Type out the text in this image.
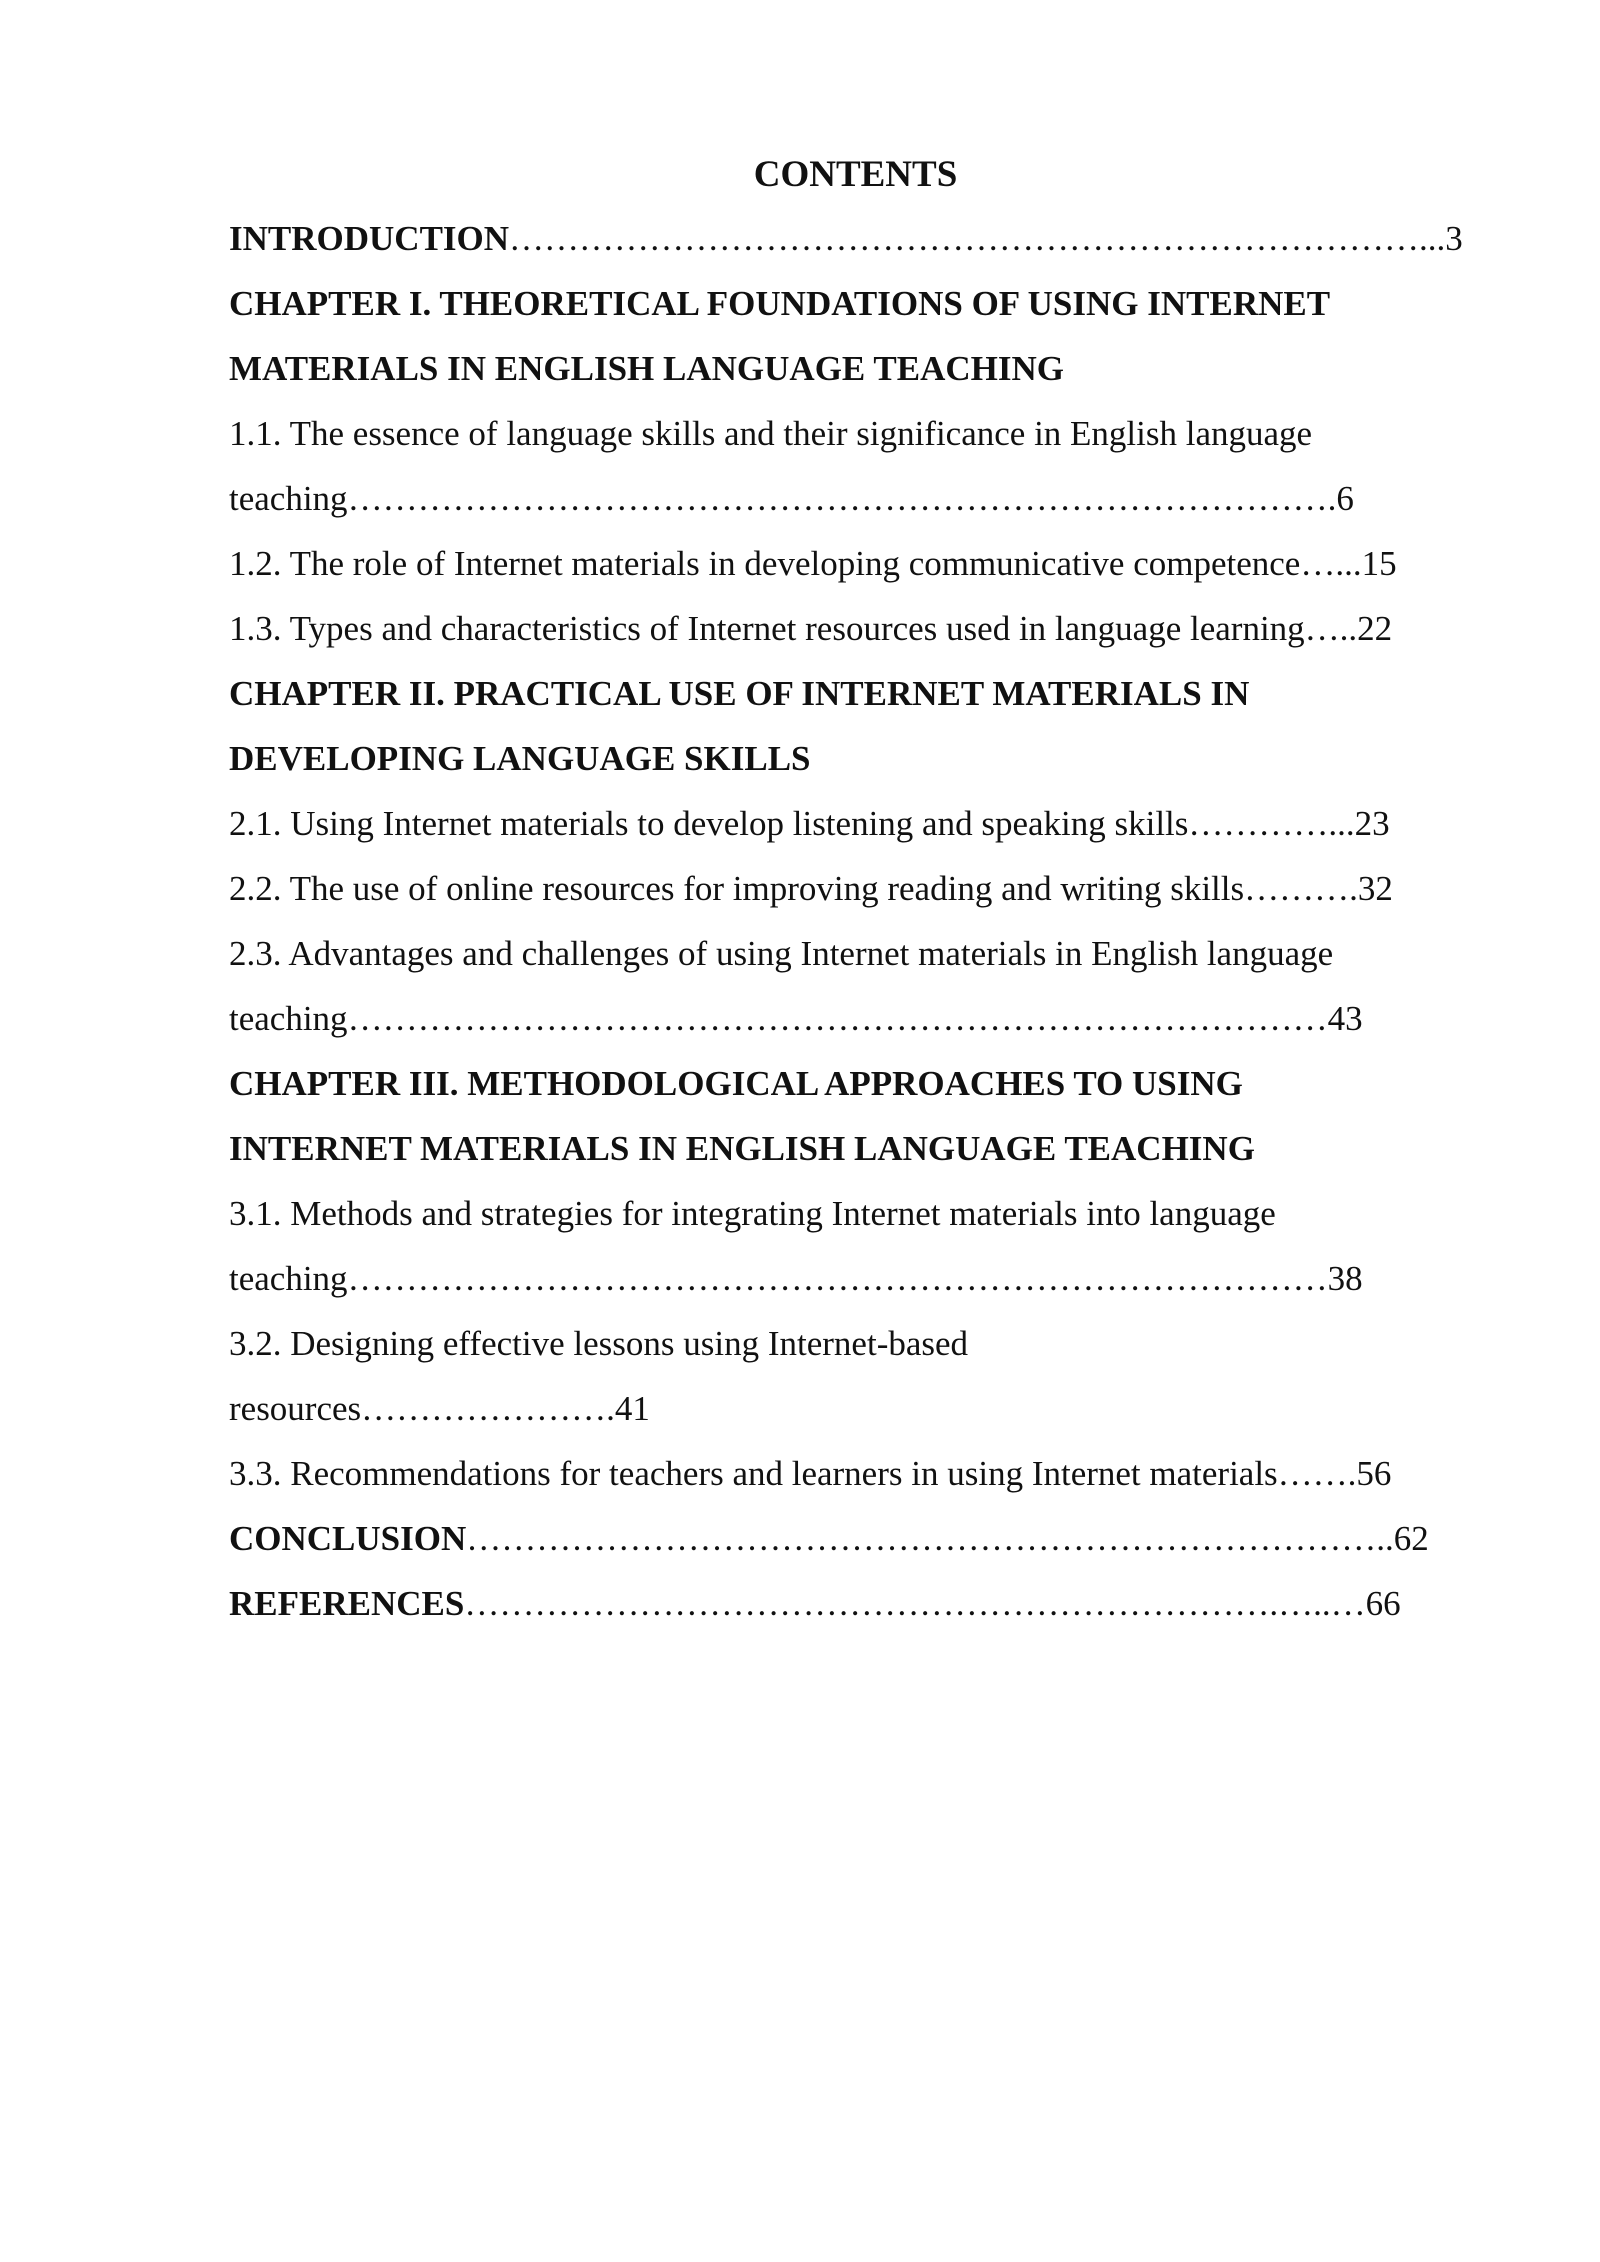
CONTENTS
INTRODUCTION……………………………………………………………………...3
CHAPTER I. THEORETICAL FOUNDATIONS OF USING INTERNET
MATERIALS IN ENGLISH LANGUAGE TEACHING
1.1. The essence of language skills and their significance in English language
teaching………………………………………………………………………….6
1.2. The role of Internet materials in developing communicative competence…...15
1.3. Types and characteristics of Internet resources used in language learning…..22
CHAPTER II. PRACTICAL USE OF INTERNET MATERIALS IN
DEVELOPING LANGUAGE SKILLS
2.1. Using Internet materials to develop listening and speaking skills…………...23
2.2. The use of online resources for improving reading and writing skills……….32
2.3. Advantages and challenges of using Internet materials in English language
teaching…………………………………………………………………………43
CHAPTER III. METHODOLOGICAL APPROACHES TO USING
INTERNET MATERIALS IN ENGLISH LANGUAGE TEACHING
3.1. Methods and strategies for integrating Internet materials into language
teaching…………………………………………………………………………38
3.2. Designing effective lessons using Internet-based
resources………………….41
3.3. Recommendations for teachers and learners in using Internet materials…….56
CONCLUSION……………………………………………………………………..62
REFERENCES…………………………………………………………….…..…66
